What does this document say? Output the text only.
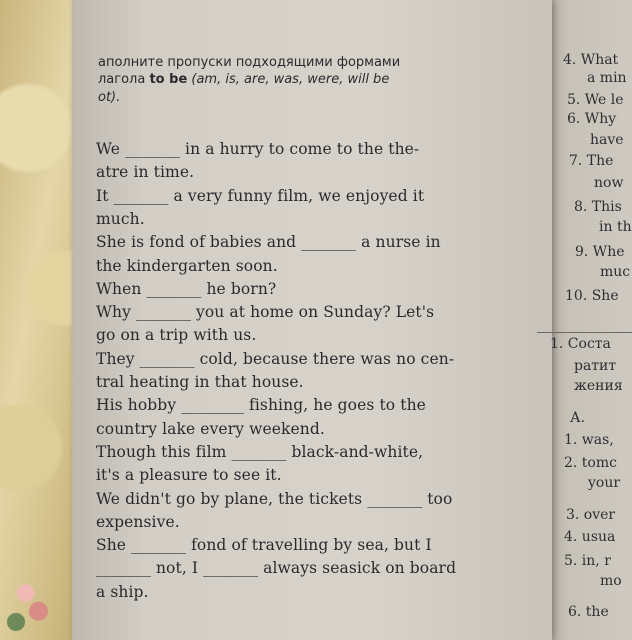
аполните пропуски подходящими формами
лагола to be (am, is, are, was, were, will be
ot).
We _______ in a hurry to come to the the-
atre in time.
It _______ a very funny film, we enjoyed it
much.
She is fond of babies and _______ a nurse in
the kindergarten soon.
When _______ he born?
Why _______ you at home on Sunday? Let's
go on a trip with us.
They _______ cold, because there was no cen-
tral heating in that house.
His hobby ________ fishing, he goes to the
country lake every weekend.
Though this film _______ black-and-white,
it's a pleasure to see it.
We didn't go by plane, the tickets _______ too
expensive.
She _______ fond of travelling by sea, but I
_______ not, I _______ always seasick on board
a ship.
4. What
a min
5. We le
6. Why
have
7. The
now
8. This
in th
9. Whe
muc
10. She
1. Соста
ратит
жения
А.
1. was,
2. tomc
your
3. over
4. usua
5. in, r
mo
6. the
